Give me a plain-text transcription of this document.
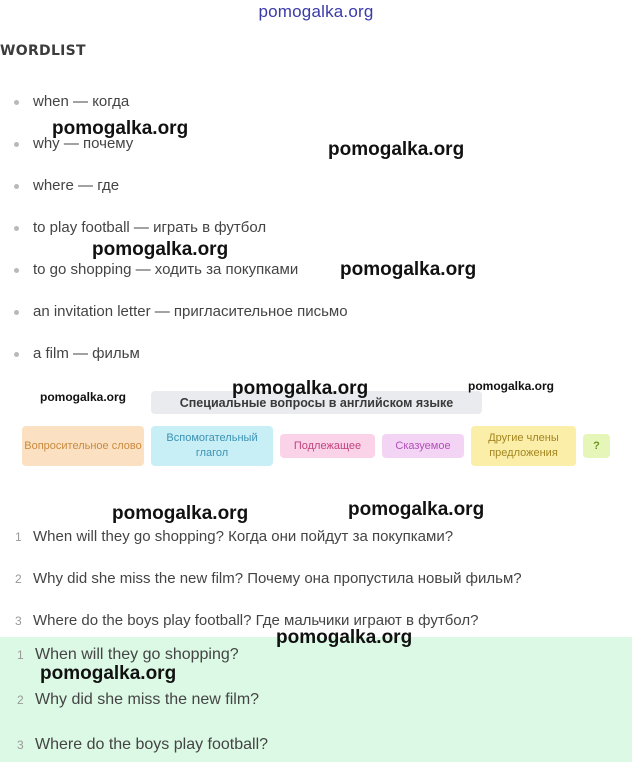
pomogalka.org
WORDLIST
when — когда
why — почему
where — где
to play football — играть в футбол
to go shopping — ходить за покупками
an invitation letter — пригласительное письмо
a film — фильм
Специальные вопросы в английском языке
Вопросительное слово
Вспомогательный глагол
Подлежащее	Сказуемое
Другие члены предложения
?
1 When will they go shopping? Когда они пойдут за покупками?
2 Why did she miss the new film? Почему она пропустила новый фильм?
3 Where do the boys play football? Где мальчики играют в футбол?
1 When will they go shopping?
2 Why did she miss the new film?
3 Where do the boys play football?
pomogalka.org
pomogalka.org
pomogalka.org
pomogalka.org
pomogalka.org	pomogalka.org	pomogalka.org
pomogalka.org	pomogalka.org
pomogalka.org
pomogalka.org
